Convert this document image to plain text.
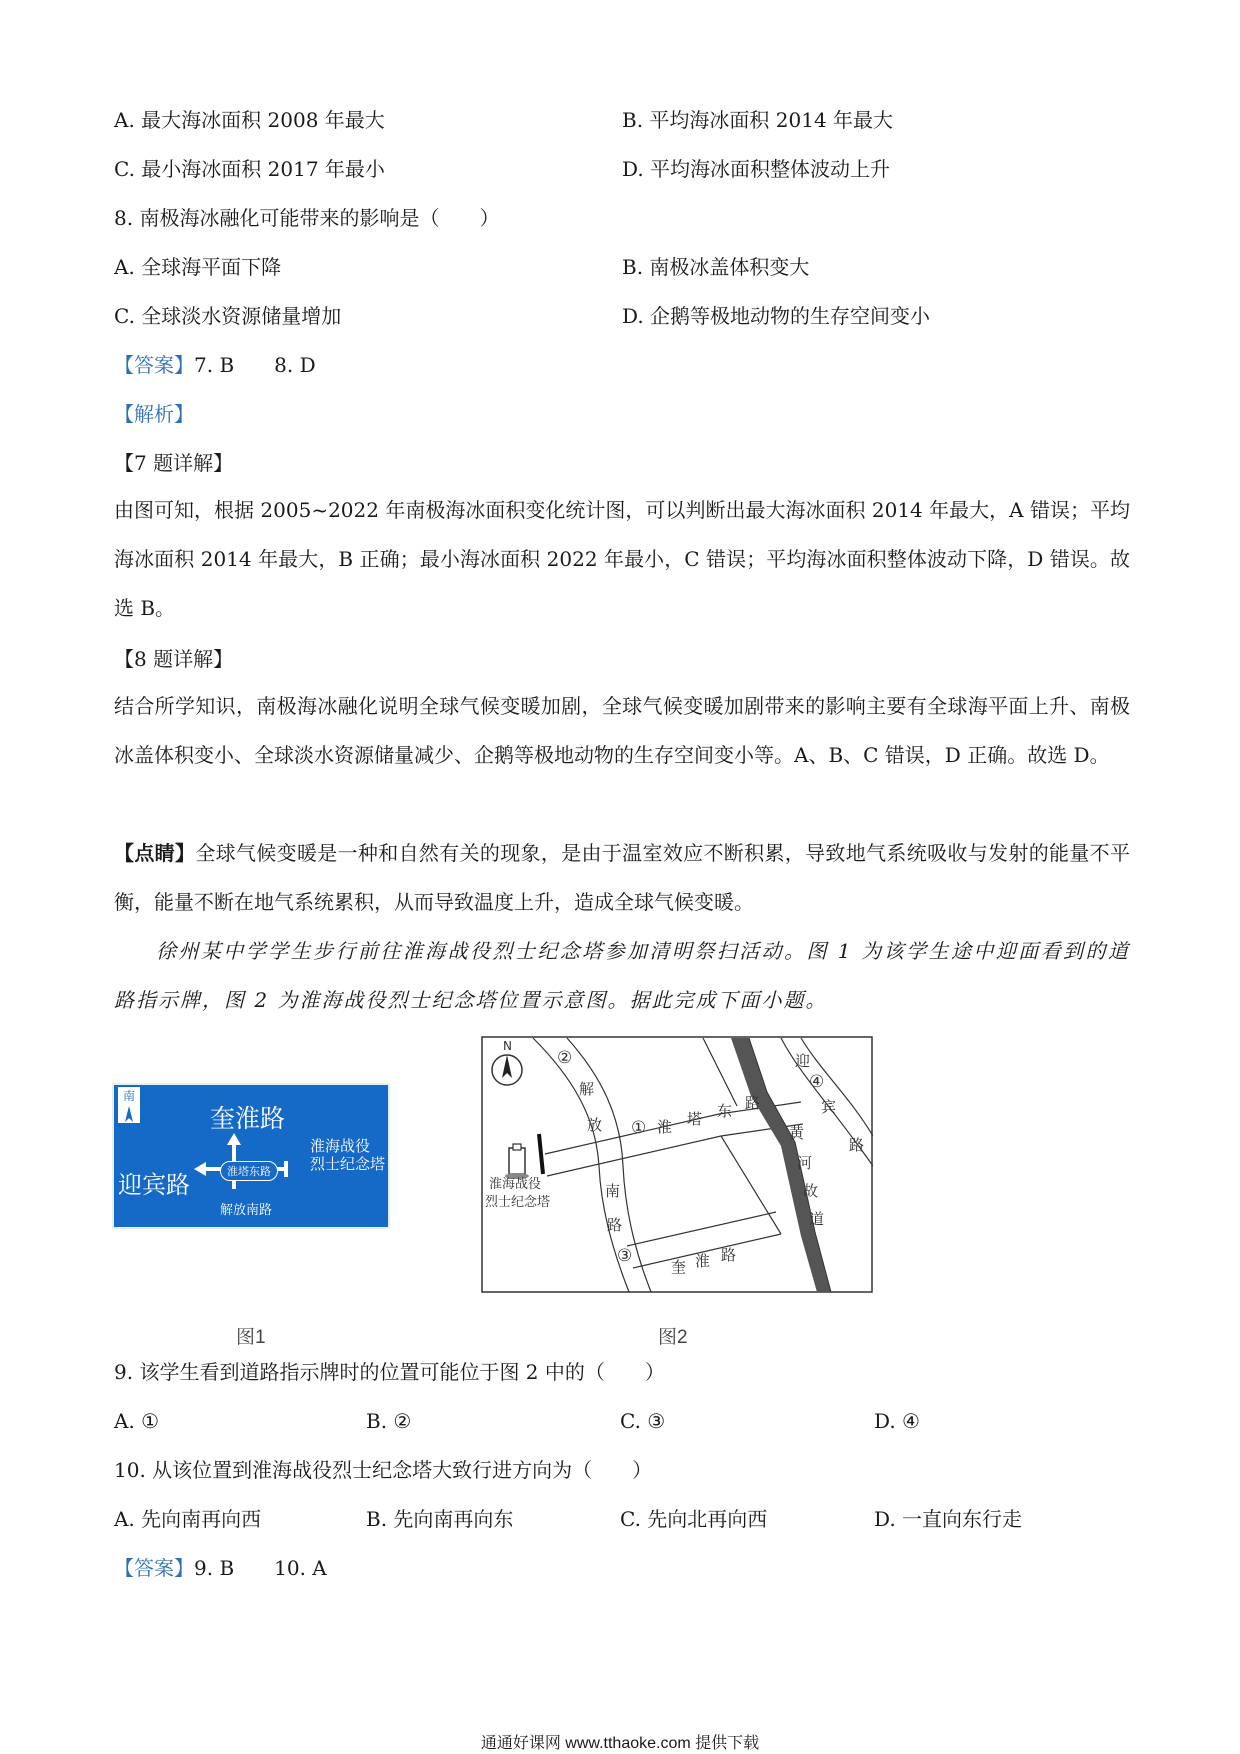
A. 最大海冰面积 2008 年最大	B. 平均海冰面积 2014 年最大
C. 最小海冰面积 2017 年最小	D. 平均海冰面积整体波动上升
8. 南极海冰融化可能带来的影响是（　　）
A. 全球海平面下降	B. 南极冰盖体积变大
C. 全球淡水资源储量增加	D. 企鹅等极地动物的生存空间变小
【答案】7. B　　8. D
【解析】
【7 题详解】
由图可知，根据 2005~2022 年南极海冰面积变化统计图，可以判断出最大海冰面积 2014 年最大，A 错误；平均海冰面积 2014 年最大，B 正确；最小海冰面积 2022 年最小，C 错误；平均海冰面积整体波动下降，D 错误。故选 B。
【8 题详解】
结合所学知识，南极海冰融化说明全球气候变暖加剧，全球气候变暖加剧带来的影响主要有全球海平面上升、南极冰盖体积变小、全球淡水资源储量减少、企鹅等极地动物的生存空间变小等。A、B、C 错误，D 正确。故选 D。
【点睛】全球气候变暖是一种和自然有关的现象，是由于温室效应不断积累，导致地气系统吸收与发射的能量不平衡，能量不断在地气系统累积，从而导致温度上升，造成全球气候变暖。
徐州某中学学生步行前往淮海战役烈士纪念塔参加清明祭扫活动。图 1 为该学生途中迎面看到的道路指示牌，图 2 为淮海战役烈士纪念塔位置示意图。据此完成下面小题。
南
奎淮路
迎宾路
淮海战役
烈士纪念塔
淮塔东路
解放南路
图1
N
②
①
③
④
解
放
南
路
淮 塔 东 路
迎
宾
路
黄
河
故
道
奎 淮 路
淮海战役
烈士纪念塔
图2
9. 该学生看到道路指示牌时的位置可能位于图 2 中的（　　）
A. ①	B. ②	C. ③	D. ④
10. 从该位置到淮海战役烈士纪念塔大致行进方向为（　　）
A. 先向南再向西	B. 先向南再向东	C. 先向北再向西	D. 一直向东行走
【答案】9. B　　10. A
通通好课网 www.tthaoke.com 提供下载
